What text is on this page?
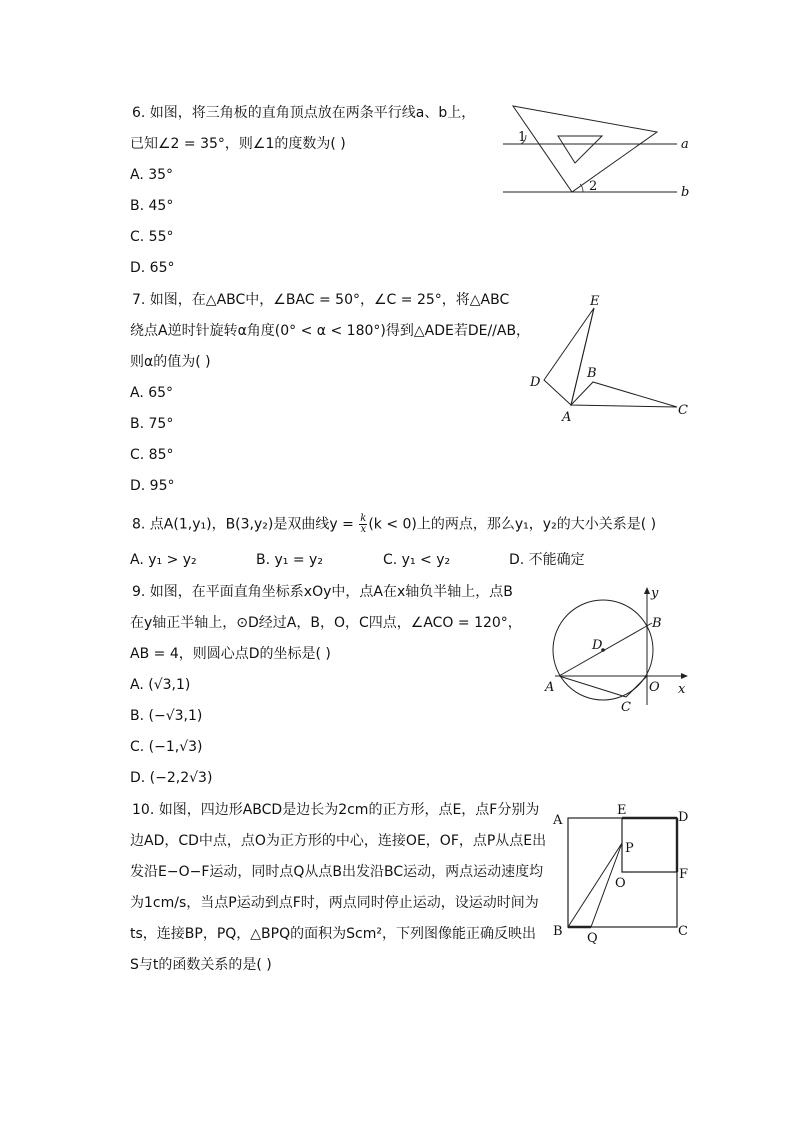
6. 如图，将三角板的直角顶点放在两条平行线a、b上，
已知∠2 = 35°，则∠1的度数为( )
A. 35°
B. 45°
C. 55°
D. 65°
1
2
a
b
7. 如图，在△ABC中，∠BAC = 50°，∠C = 25°，将△ABC
绕点A逆时针旋转α角度(0° < α < 180°)得到△ADE若DE//AB，
则α的值为( )
A. 65°
B. 75°
C. 85°
D. 95°
E
D
B
A	C
8. 点A(1,y₁)，B(3,y₂)是双曲线$y = \frac{k}{x} (k < 0)$上的两点，那么y₁，y₂的大小关系是( )
A. y₁ > y₂	B. y₁ = y₂	C. y₁ < y₂	D. 不能确定
9. 如图，在平面直角坐标系xOy中，点A在x轴负半轴上，点B
在y轴正半轴上，⊙D经过A，B，O，C四点，∠ACO = 120°，
AB = 4，则圆心点D的坐标是( )
A. (√3,1)
B. (−√3,1)
C. (−1,√3)
D. (−2,2√3)
y
B
D
A	O x
C
10. 如图，四边形ABCD是边长为2cm的正方形，点E，点F分别为
边AD，CD中点，点O为正方形的中心，连接OE，OF，点P从点E出
发沿E−O−F运动，同时点Q从点B出发沿BC运动，两点运动速度均
为1cm/s，当点P运动到点F时，两点同时停止运动，设运动时间为
ts，连接BP，PQ，△BPQ的面积为Scm²，下列图像能正确反映出
S与t的函数关系的是( )
A
E	D
P
O
F
B Q	C
